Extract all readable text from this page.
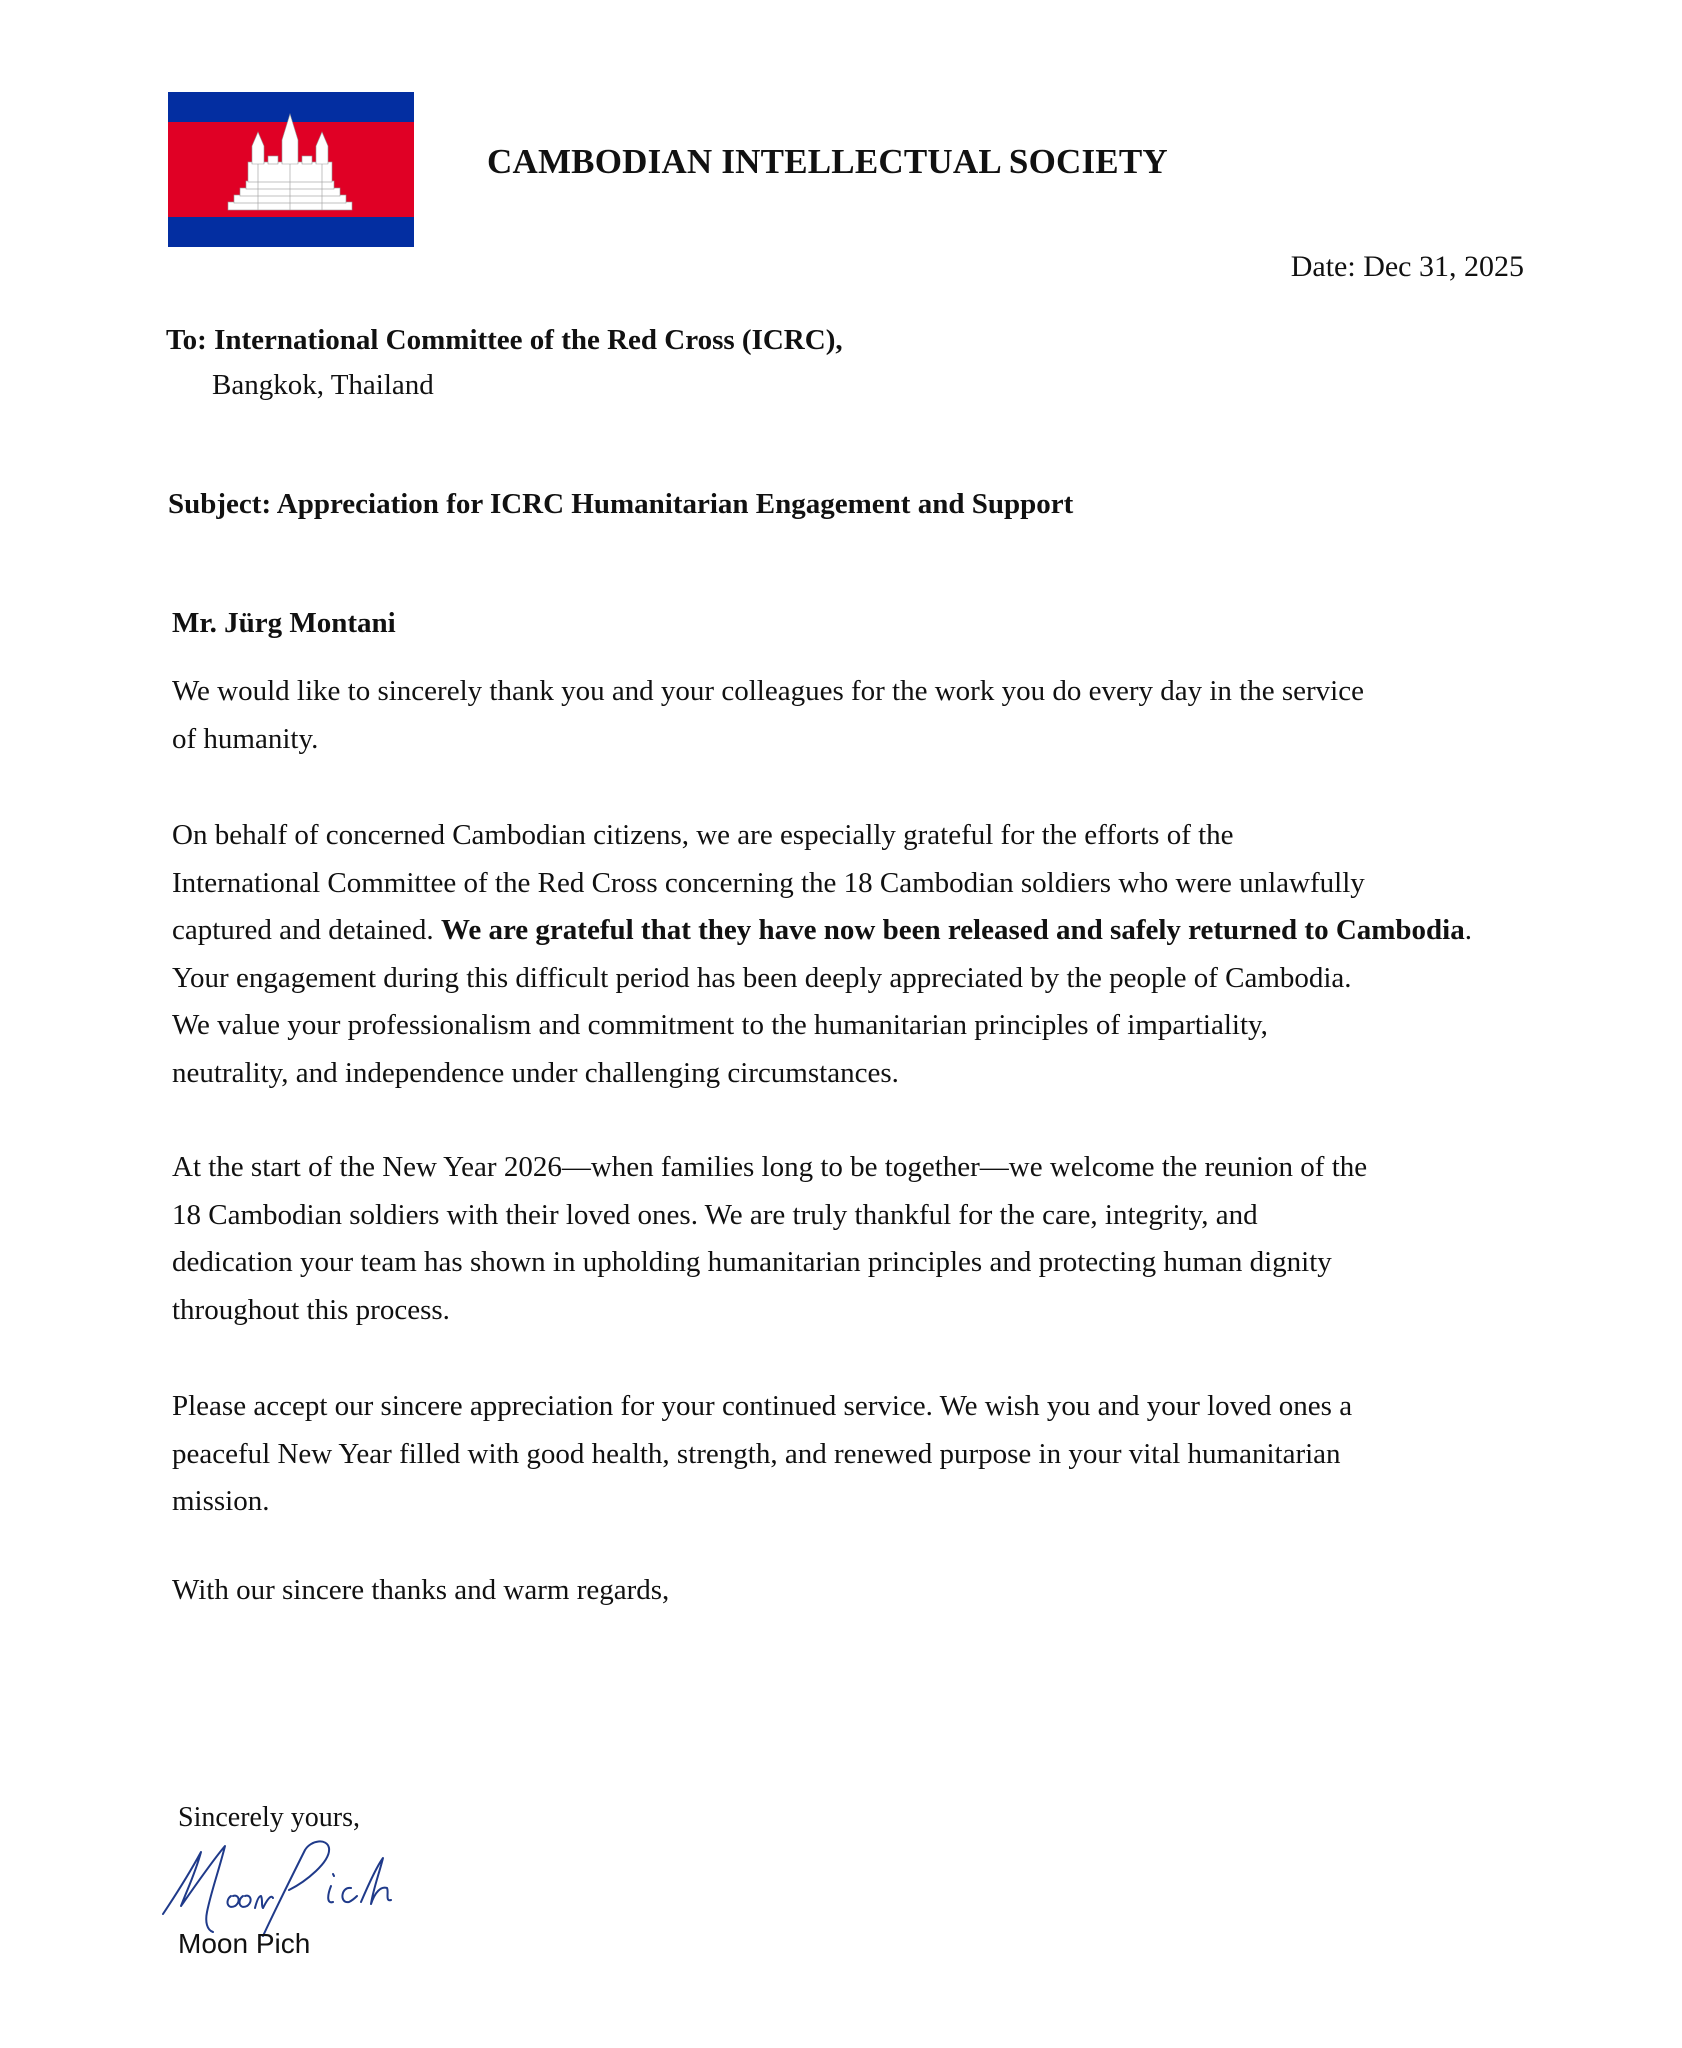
CAMBODIAN INTELLECTUAL SOCIETY
Date: Dec 31, 2025
To: International Committee of the Red Cross (ICRC),
Bangkok, Thailand
Subject: Appreciation for ICRC Humanitarian Engagement and Support
Mr. Jürg Montani
We would like to sincerely thank you and your colleagues for the work you do every day in the service
of humanity.
On behalf of concerned Cambodian citizens, we are especially grateful for the efforts of the
International Committee of the Red Cross concerning the 18 Cambodian soldiers who were unlawfully
captured and detained. We are grateful that they have now been released and safely returned to Cambodia.
Your engagement during this difficult period has been deeply appreciated by the people of Cambodia.
We value your professionalism and commitment to the humanitarian principles of impartiality,
neutrality, and independence under challenging circumstances.
At the start of the New Year 2026—when families long to be together—we welcome the reunion of the
18 Cambodian soldiers with their loved ones. We are truly thankful for the care, integrity, and
dedication your team has shown in upholding humanitarian principles and protecting human dignity
throughout this process.
Please accept our sincere appreciation for your continued service. We wish you and your loved ones a
peaceful New Year filled with good health, strength, and renewed purpose in your vital humanitarian
mission.
With our sincere thanks and warm regards,
Sincerely yours,
Moon Pich
